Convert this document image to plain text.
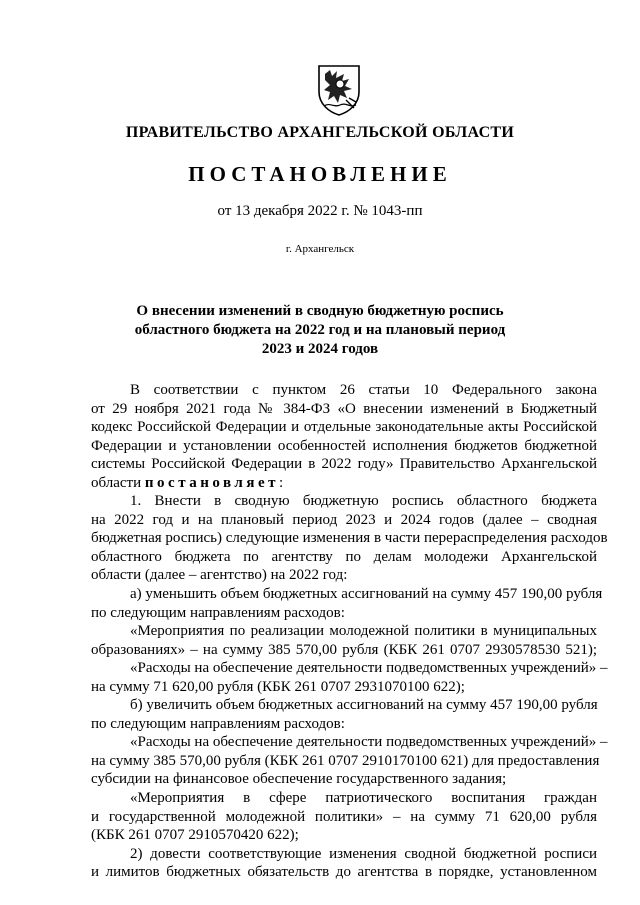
ПРАВИТЕЛЬСТВО АРХАНГЕЛЬСКОЙ ОБЛАСТИ
ПОСТАНОВЛЕНИЕ
от 13 декабря 2022 г. № 1043-пп
г. Архангельск
О внесении изменений в сводную бюджетную роспись
областного бюджета на 2022 год и на плановый период
2023 и 2024 годов
В соответствии с пунктом 26 статьи 10 Федерального закона
от 29 ноября 2021 года № 384-ФЗ «О внесении изменений в Бюджетный
кодекс Российской Федерации и отдельные законодательные акты Российской
Федерации и установлении особенностей исполнения бюджетов бюджетной
системы Российской Федерации в 2022 году» Правительство Архангельской
области постановляет:
1. Внести в сводную бюджетную роспись областного бюджета
на 2022 год и на плановый период 2023 и 2024 годов (далее – сводная
бюджетная роспись) следующие изменения в части перераспределения расходов
областного бюджета по агентству по делам молодежи Архангельской
области (далее – агентство) на 2022 год:
а) уменьшить объем бюджетных ассигнований на сумму 457 190,00 рубля
по следующим направлениям расходов:
«Мероприятия по реализации молодежной политики в муниципальных
образованиях» – на сумму 385 570,00 рубля (КБК 261 0707 2930578530 521);
«Расходы на обеспечение деятельности подведомственных учреждений» –
на сумму 71 620,00 рубля (КБК 261 0707 2931070100 622);
б) увеличить объем бюджетных ассигнований на сумму 457 190,00 рубля
по следующим направлениям расходов:
«Расходы на обеспечение деятельности подведомственных учреждений» –
на сумму 385 570,00 рубля (КБК 261 0707 2910170100 621) для предоставления
субсидии на финансовое обеспечение государственного задания;
«Мероприятия в сфере патриотического воспитания граждан
и государственной молодежной политики» – на сумму 71 620,00 рубля
(КБК 261 0707 2910570420 622);
2) довести соответствующие изменения сводной бюджетной росписи
и лимитов бюджетных обязательств до агентства в порядке, установленном
